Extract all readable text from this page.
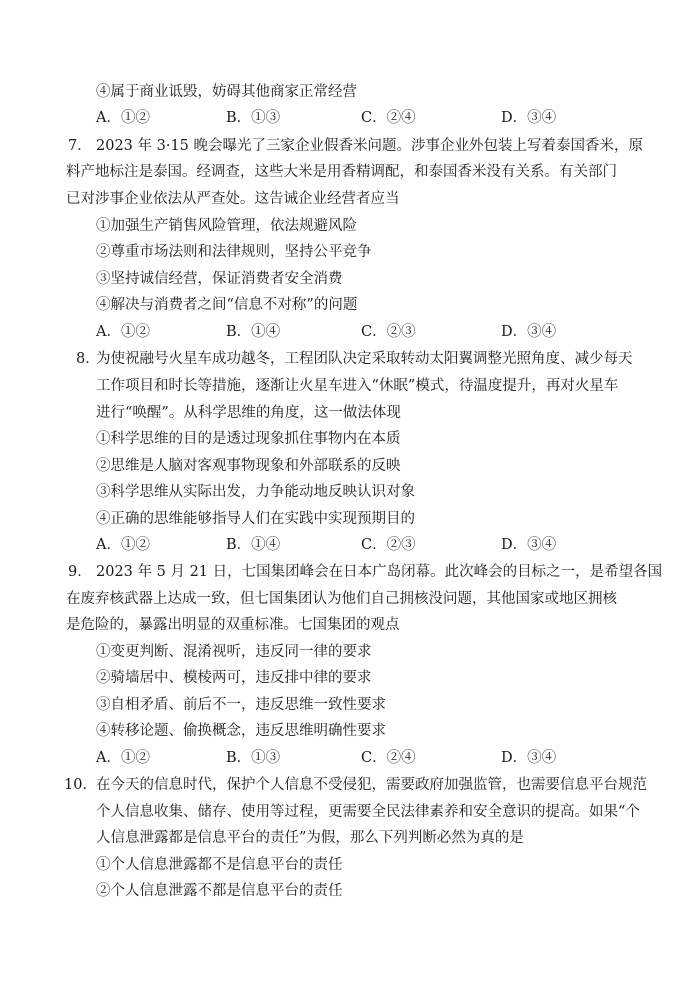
④属于商业诋毁，妨碍其他商家正常经营
A．①②	B．①③	C．②④	D．③④
7． 2023 年 3·15 晚会曝光了三家企业假香米问题。涉事企业外包装上写着泰国香米，原
料产地标注是泰国。经调查，这些大米是用香精调配，和泰国香米没有关系。有关部门
已对涉事企业依法从严查处。这告诫企业经营者应当
①加强生产销售风险管理，依法规避风险
②尊重市场法则和法律规则，坚持公平竞争
③坚持诚信经营，保证消费者安全消费
④解决与消费者之间“信息不对称”的问题
A．①②	B．①④	C．②③	D．③④
8．
为使祝融号火星车成功越冬，工程团队决定采取转动太阳翼调整光照角度、减少每天
工作项目和时长等措施，逐渐让火星车进入“休眠”模式，待温度提升，再对火星车
进行“唤醒”。从科学思维的角度，这一做法体现
①科学思维的目的是透过现象抓住事物内在本质
②思维是人脑对客观事物现象和外部联系的反映
③科学思维从实际出发，力争能动地反映认识对象
④正确的思维能够指导人们在实践中实现预期目的
A．①②	B．①④	C．②③	D．③④
9． 2023 年 5 月 21 日，七国集团峰会在日本广岛闭幕。此次峰会的目标之一，是希望各国
在废弃核武器上达成一致，但七国集团认为他们自己拥核没问题，其他国家或地区拥核
是危险的，暴露出明显的双重标准。七国集团的观点
①变更判断、混淆视听，违反同一律的要求
②骑墙居中、模棱两可，违反排中律的要求
③自相矛盾、前后不一，违反思维一致性要求
④转移论题、偷换概念，违反思维明确性要求
A．①②	B．①③	C．②④	D．③④
10． 在今天的信息时代，保护个人信息不受侵犯，需要政府加强监管，也需要信息平台规范
个人信息收集、储存、使用等过程，更需要全民法律素养和安全意识的提高。如果“个
人信息泄露都是信息平台的责任”为假，那么下列判断必然为真的是
①个人信息泄露都不是信息平台的责任
②个人信息泄露不都是信息平台的责任
